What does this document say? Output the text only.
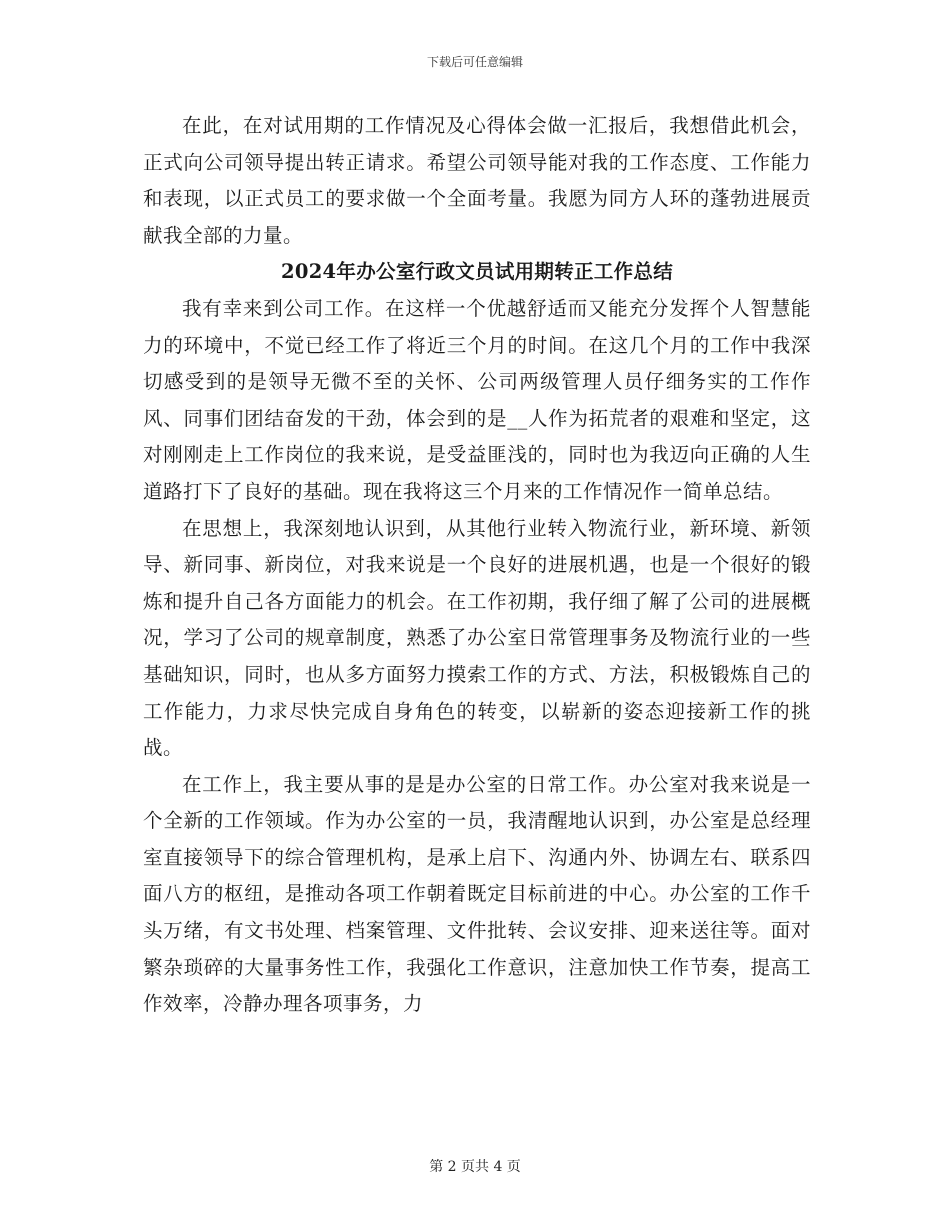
下载后可任意编辑

在此，在对试用期的工作情况及心得体会做一汇报后，我想借此机会，正式向公司领导提出转正请求。希望公司领导能对我的工作态度、工作能力和表现，以正式员工的要求做一个全面考量。我愿为同方人环的蓬勃进展贡献我全部的力量。

2024年办公室行政文员试用期转正工作总结

我有幸来到公司工作。在这样一个优越舒适而又能充分发挥个人智慧能力的环境中，不觉已经工作了将近三个月的时间。在这几个月的工作中我深切感受到的是领导无微不至的关怀、公司两级管理人员仔细务实的工作作风、同事们团结奋发的干劲，体会到的是__人作为拓荒者的艰难和坚定，这对刚刚走上工作岗位的我来说，是受益匪浅的，同时也为我迈向正确的人生道路打下了良好的基础。现在我将这三个月来的工作情况作一简单总结。

在思想上，我深刻地认识到，从其他行业转入物流行业，新环境、新领导、新同事、新岗位，对我来说是一个良好的进展机遇，也是一个很好的锻炼和提升自己各方面能力的机会。在工作初期，我仔细了解了公司的进展概况，学习了公司的规章制度，熟悉了办公室日常管理事务及物流行业的一些基础知识，同时，也从多方面努力摸索工作的方式、方法，积极锻炼自己的工作能力，力求尽快完成自身角色的转变，以崭新的姿态迎接新工作的挑战。

在工作上，我主要从事的是是办公室的日常工作。办公室对我来说是一个全新的工作领域。作为办公室的一员，我清醒地认识到，办公室是总经理室直接领导下的综合管理机构，是承上启下、沟通内外、协调左右、联系四面八方的枢纽，是推动各项工作朝着既定目标前进的中心。办公室的工作千头万绪，有文书处理、档案管理、文件批转、会议安排、迎来送往等。面对繁杂琐碎的大量事务性工作，我强化工作意识，注意加快工作节奏，提高工作效率，冷静办理各项事务，力

第 2 页共 4 页
